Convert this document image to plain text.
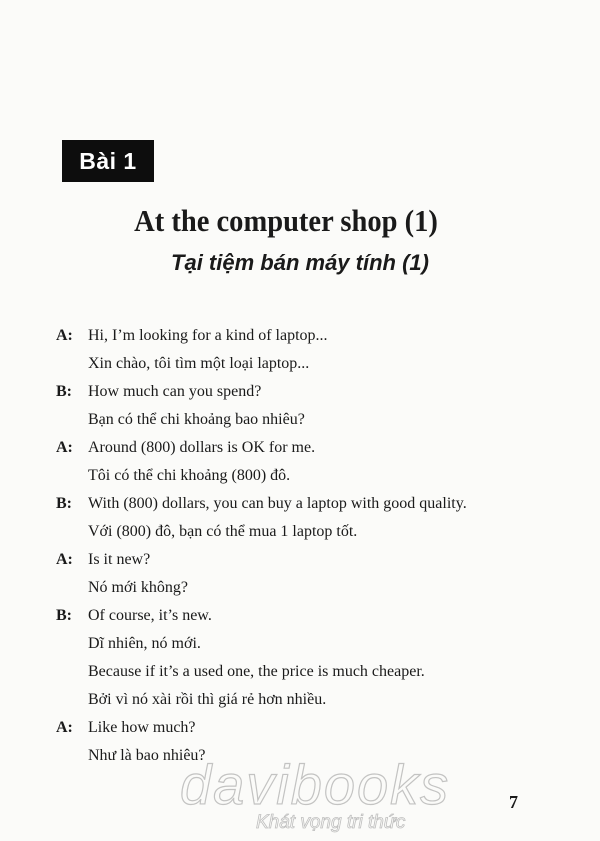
Bài 1
At the computer shop (1)
Tại tiệm bán máy tính (1)
A: Hi, I’m looking for a kind of laptop...
Xin chào, tôi tìm một loại laptop...
B:	How much can you spend?
Bạn có thể chi khoảng bao nhiêu?
A: Around (800) dollars is OK for me.
Tôi có thể chi khoảng (800) đô.
B:	With (800) dollars, you can buy a laptop with good quality.
Với (800) đô, bạn có thể mua 1 laptop tốt.
A: Is it new?
Nó mới không?
B:	Of course, it’s new.
Dĩ nhiên, nó mới.
Because if it’s a used one, the price is much cheaper.
Bởi vì nó xài rồi thì giá rẻ hơn nhiều.
A: Like how much?
Như là bao nhiêu?
davibooks
Khát vọng tri thức
7
